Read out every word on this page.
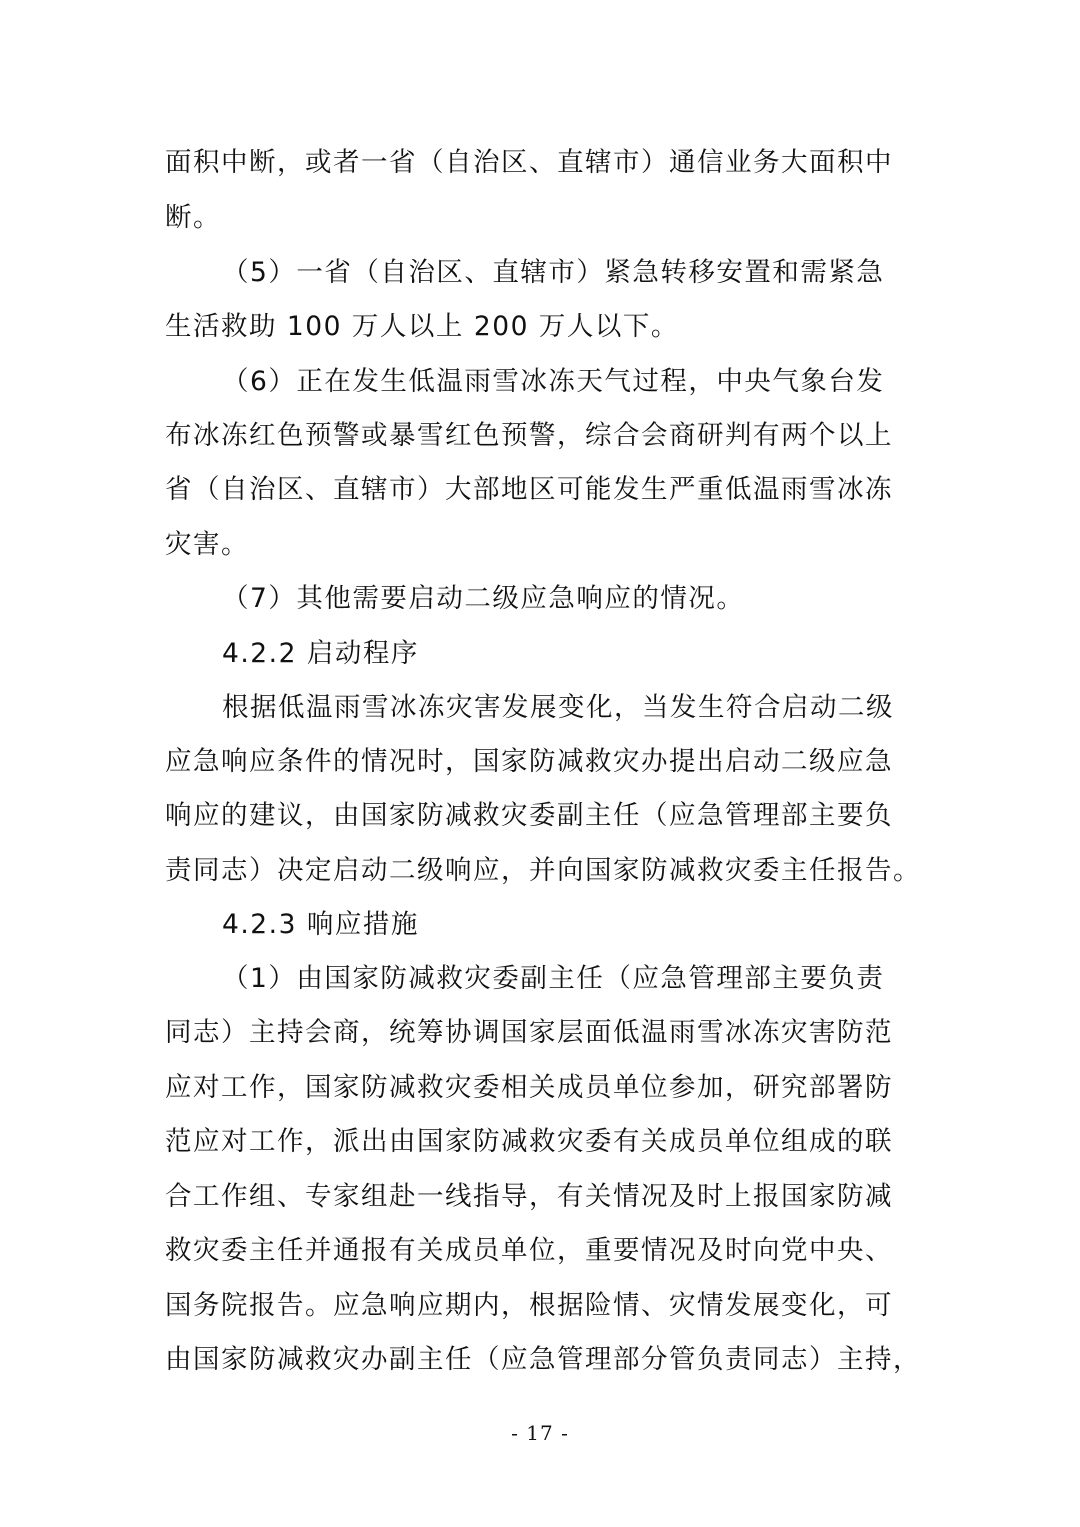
面积中断，或者一省（自治区、直辖市）通信业务大面积中
断。
（5）一省（自治区、直辖市）紧急转移安置和需紧急
生活救助 100 万人以上 200 万人以下。
（6）正在发生低温雨雪冰冻天气过程，中央气象台发
布冰冻红色预警或暴雪红色预警，综合会商研判有两个以上
省（自治区、直辖市）大部地区可能发生严重低温雨雪冰冻
灾害。
（7）其他需要启动二级应急响应的情况。
4.2.2 启动程序
根据低温雨雪冰冻灾害发展变化，当发生符合启动二级
应急响应条件的情况时，国家防减救灾办提出启动二级应急
响应的建议，由国家防减救灾委副主任（应急管理部主要负
责同志）决定启动二级响应，并向国家防减救灾委主任报告。
4.2.3 响应措施
（1）由国家防减救灾委副主任（应急管理部主要负责
同志）主持会商，统筹协调国家层面低温雨雪冰冻灾害防范
应对工作，国家防减救灾委相关成员单位参加，研究部署防
范应对工作，派出由国家防减救灾委有关成员单位组成的联
合工作组、专家组赴一线指导，有关情况及时上报国家防减
救灾委主任并通报有关成员单位，重要情况及时向党中央、
国务院报告。应急响应期内，根据险情、灾情发展变化，可
由国家防减救灾办副主任（应急管理部分管负责同志）主持，
- 17 -
